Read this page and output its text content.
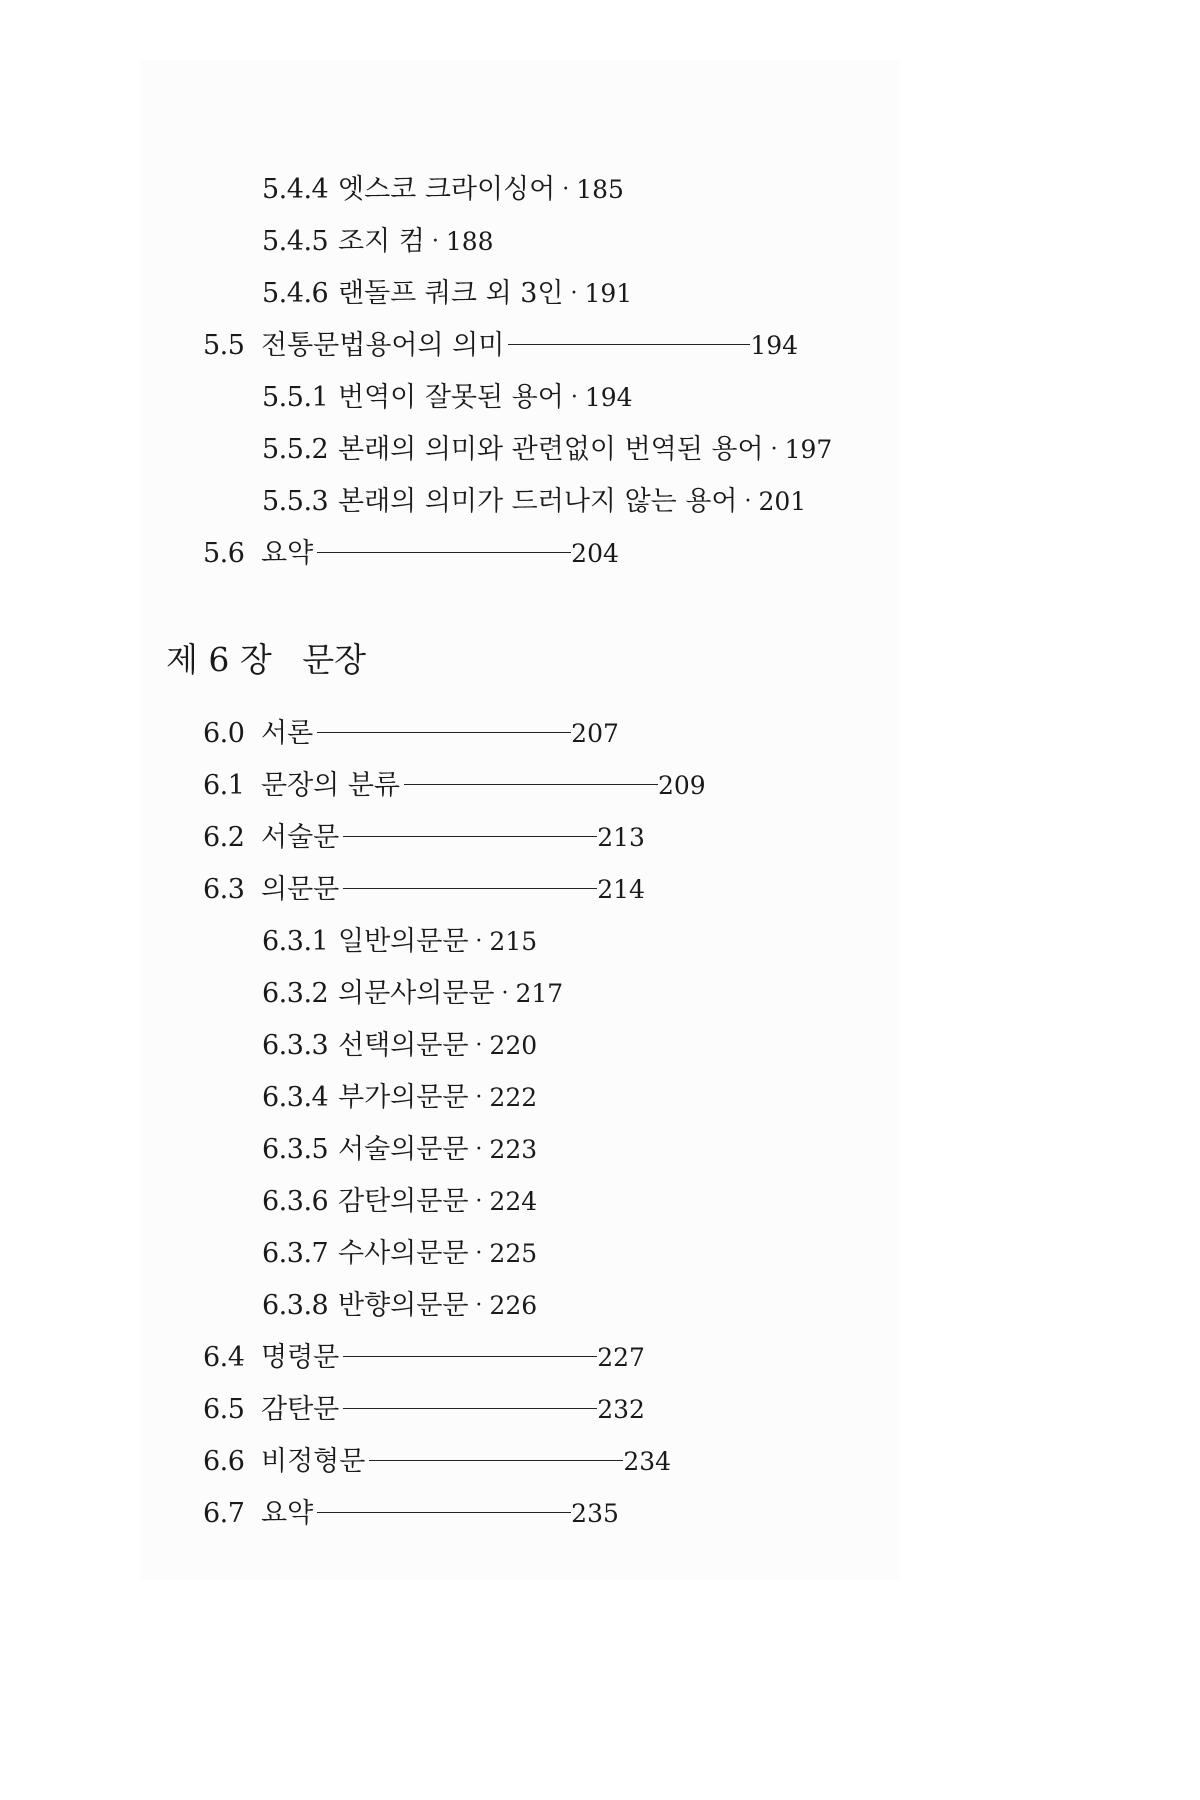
5.4.4 엣스코 크라이싱어 · 185
5.4.5 조지 컴 · 188
5.4.6 랜돌프 쿼크 외 3인 · 191
5.5 전통문법용어의 의미	194
5.5.1 번역이 잘못된 용어 · 194
5.5.2 본래의 의미와 관련없이 번역된 용어 · 197
5.5.3 본래의 의미가 드러나지 않는 용어 · 201
5.6 요약	204
제 6 장 문장
6.0 서론	207
6.1 문장의 분류	209
6.2 서술문	213
6.3 의문문	214
6.3.1 일반의문문 · 215
6.3.2 의문사의문문 · 217
6.3.3 선택의문문 · 220
6.3.4 부가의문문 · 222
6.3.5 서술의문문 · 223
6.3.6 감탄의문문 · 224
6.3.7 수사의문문 · 225
6.3.8 반향의문문 · 226
6.4 명령문	227
6.5 감탄문	232
6.6 비정형문	234
6.7 요약	235
